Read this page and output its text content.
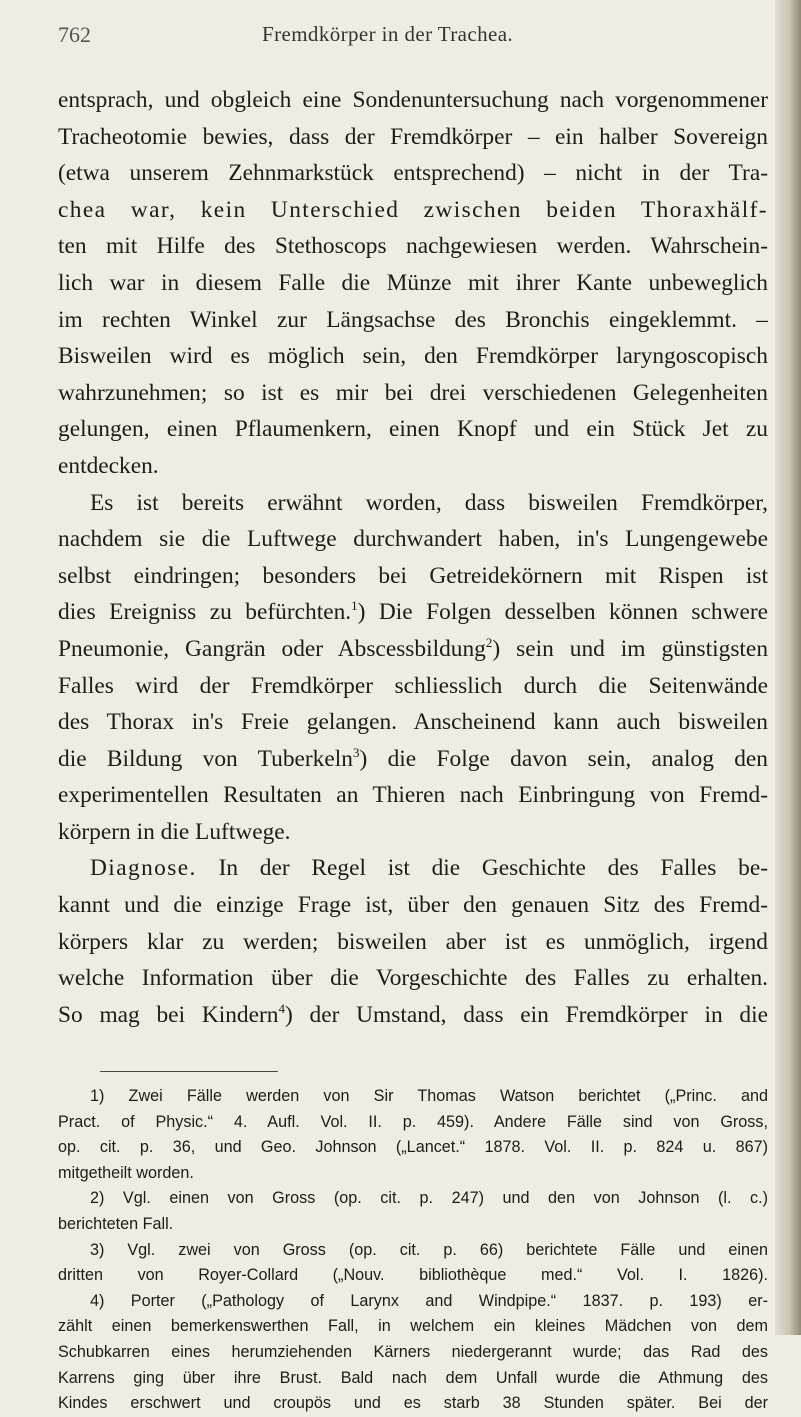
762	Fremdkörper in der Trachea.

entsprach, und obgleich eine Sondenuntersuchung nach vorgenommener

Tracheotomie bewies, dass der Fremdkörper – ein halber Sovereign

(etwa unserem Zehnmarkstück entsprechend) – nicht in der Tra-

chea war, kein Unterschied zwischen beiden Thoraxhälf-

ten mit Hilfe des Stethoscops nachgewiesen werden. Wahrschein-

lich war in diesem Falle die Münze mit ihrer Kante unbeweglich

im rechten Winkel zur Längsachse des Bronchis eingeklemmt. –

Bisweilen wird es möglich sein, den Fremdkörper laryngoscopisch

wahrzunehmen; so ist es mir bei drei verschiedenen Gelegenheiten

gelungen, einen Pflaumenkern, einen Knopf und ein Stück Jet zu

entdecken.

Es ist bereits erwähnt worden, dass bisweilen Fremdkörper,

nachdem sie die Luftwege durchwandert haben, in's Lungengewebe

selbst eindringen; besonders bei Getreidekörnern mit Rispen ist

dies Ereigniss zu befürchten.$^1$) Die Folgen desselben können schwere

Pneumonie, Gangrän oder Abscessbildung$^2$) sein und im günstigsten

Falles wird der Fremdkörper schliesslich durch die Seitenwände

des Thorax in's Freie gelangen. Anscheinend kann auch bisweilen

die Bildung von Tuberkeln$^3$) die Folge davon sein, analog den

experimentellen Resultaten an Thieren nach Einbringung von Fremd-

körpern in die Luftwege.

Diagnose. In der Regel ist die Geschichte des Falles be-

kannt und die einzige Frage ist, über den genauen Sitz des Fremd-

körpers klar zu werden; bisweilen aber ist es unmöglich, irgend

welche Information über die Vorgeschichte des Falles zu erhalten.

So mag bei Kindern$^4$) der Umstand, dass ein Fremdkörper in die

1) Zwei Fälle werden von Sir Thomas Watson berichtet („Princ. and

Pract. of Physic.“ 4. Aufl. Vol. II. p. 459). Andere Fälle sind von Gross,

op. cit. p. 36, und Geo. Johnson („Lancet.“ 1878. Vol. II. p. 824 u. 867)

mitgetheilt worden.

2) Vgl. einen von Gross (op. cit. p. 247) und den von Johnson (l. c.)

berichteten Fall.

3) Vgl. zwei von Gross (op. cit. p. 66) berichtete Fälle und einen

dritten von Royer-Collard („Nouv. bibliothèque med.“ Vol. I. 1826).

4) Porter („Pathology of Larynx and Windpipe.“ 1837. p. 193) er-

zählt einen bemerkenswerthen Fall, in welchem ein kleines Mädchen von dem

Schubkarren eines herumziehenden Kärners niedergerannt wurde; das Rad des

Karrens ging über ihre Brust. Bald nach dem Unfall wurde die Athmung des

Kindes erschwert und croupös und es starb 38 Stunden später. Bei der
